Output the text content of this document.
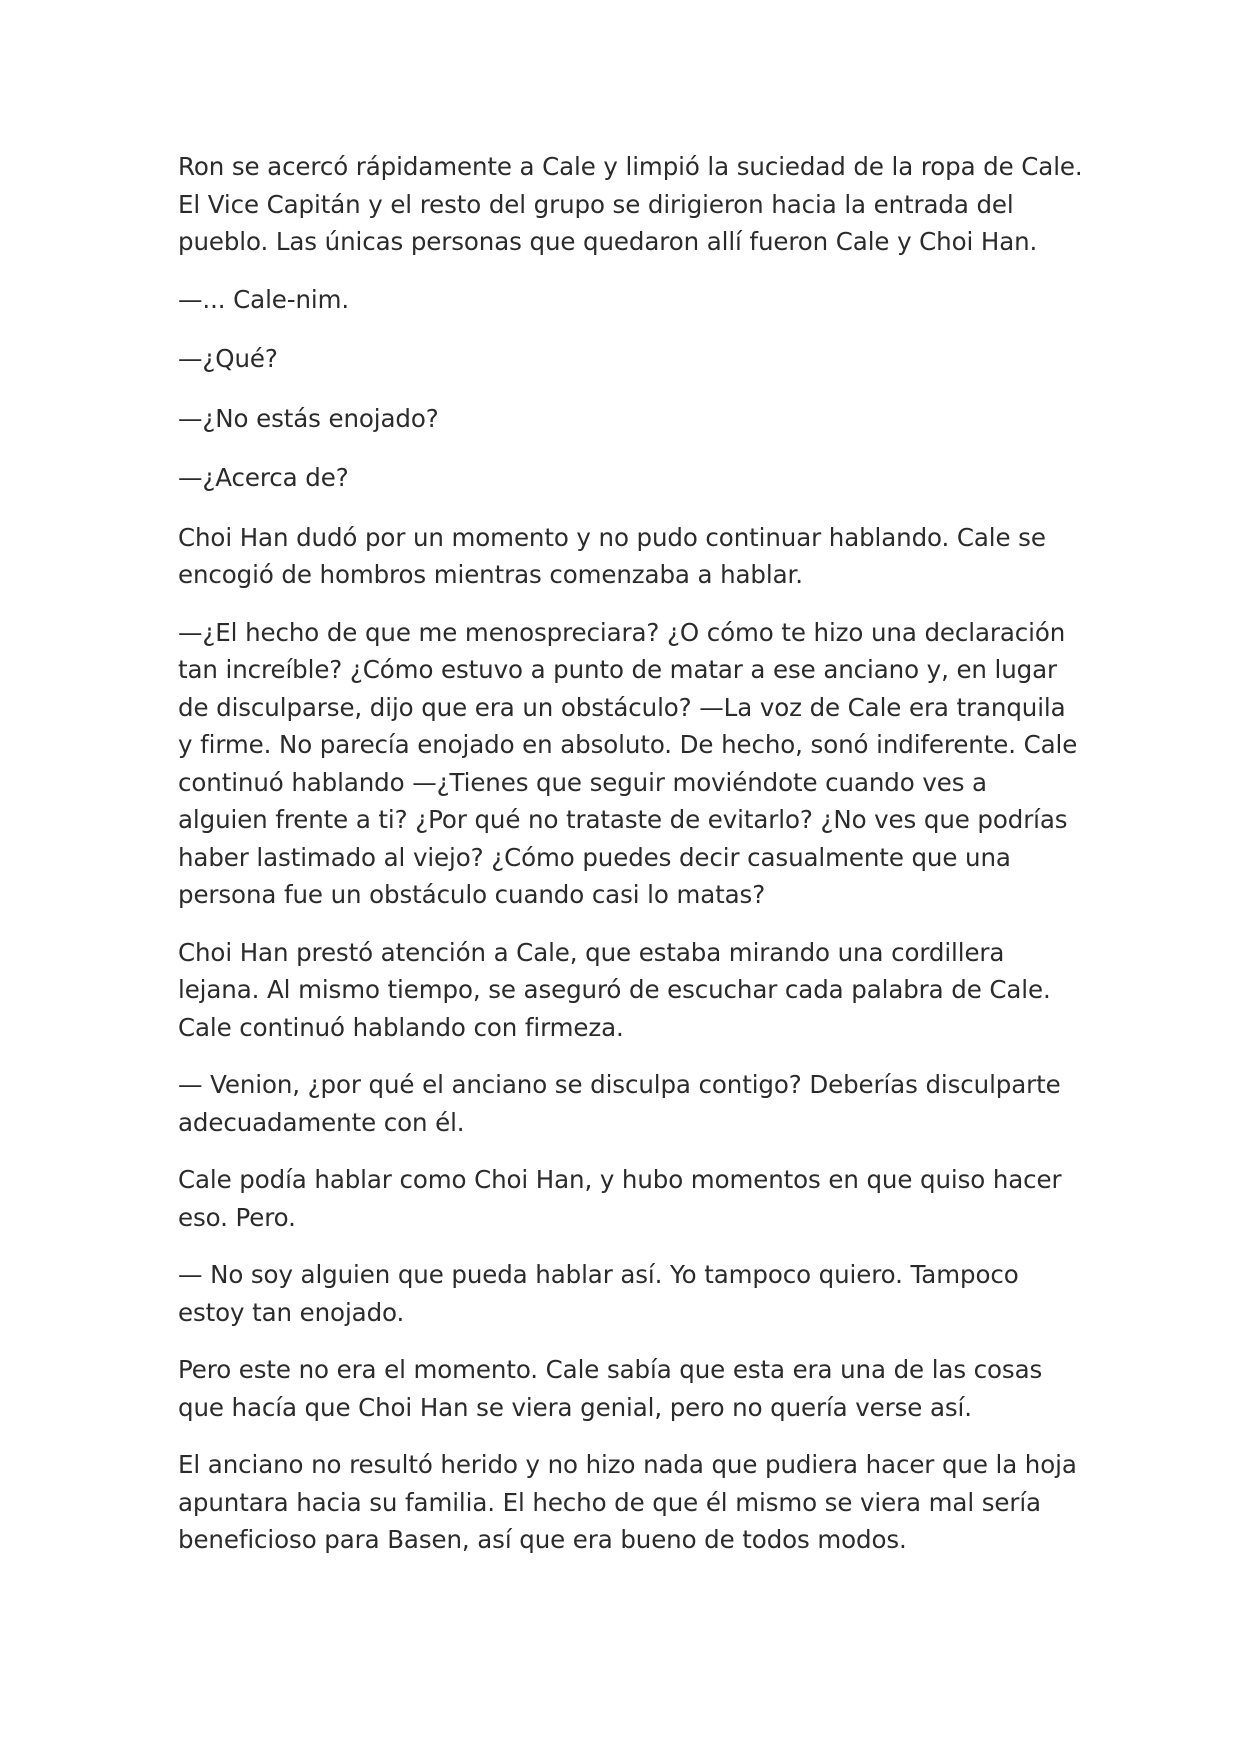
Ron se acercó rápidamente a Cale y limpió la suciedad de la ropa de Cale. El Vice Capitán y el resto del grupo se dirigieron hacia la entrada del pueblo. Las únicas personas que quedaron allí fueron Cale y Choi Han.

—... Cale-nim.

—¿Qué?

—¿No estás enojado?

—¿Acerca de?

Choi Han dudó por un momento y no pudo continuar hablando. Cale se encogió de hombros mientras comenzaba a hablar.

—¿El hecho de que me menospreciara? ¿O cómo te hizo una declaración tan increíble? ¿Cómo estuvo a punto de matar a ese anciano y, en lugar de disculparse, dijo que era un obstáculo? —La voz de Cale era tranquila y firme. No parecía enojado en absoluto. De hecho, sonó indiferente. Cale continuó hablando —¿Tienes que seguir moviéndote cuando ves a alguien frente a ti? ¿Por qué no trataste de evitarlo? ¿No ves que podrías haber lastimado al viejo? ¿Cómo puedes decir casualmente que una persona fue un obstáculo cuando casi lo matas?

Choi Han prestó atención a Cale, que estaba mirando una cordillera lejana. Al mismo tiempo, se aseguró de escuchar cada palabra de Cale. Cale continuó hablando con firmeza.

— Venion, ¿por qué el anciano se disculpa contigo? Deberías disculparte adecuadamente con él.

Cale podía hablar como Choi Han, y hubo momentos en que quiso hacer eso. Pero.

— No soy alguien que pueda hablar así. Yo tampoco quiero. Tampoco estoy tan enojado.

Pero este no era el momento. Cale sabía que esta era una de las cosas que hacía que Choi Han se viera genial, pero no quería verse así.

El anciano no resultó herido y no hizo nada que pudiera hacer que la hoja apuntara hacia su familia. El hecho de que él mismo se viera mal sería beneficioso para Basen, así que era bueno de todos modos.
